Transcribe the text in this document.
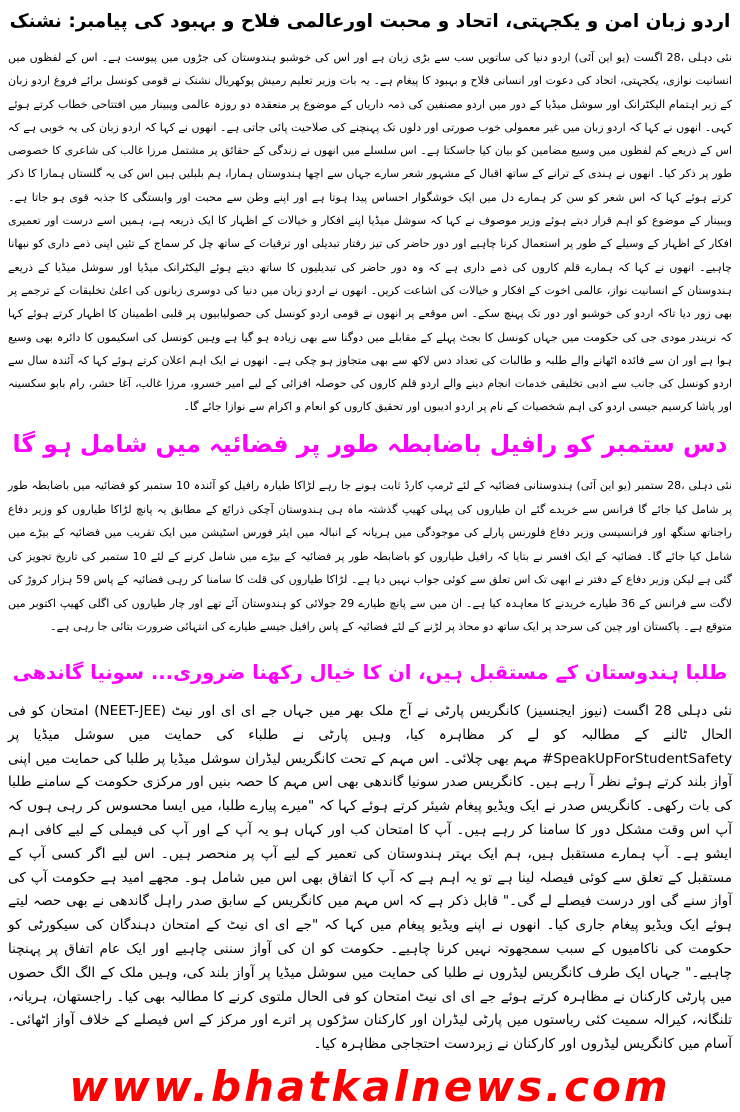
اردو زبان امن و یکجہتی، اتحاد و محبت اورعالمی فلاح و بہبود کی پیامبر: نشنک

نئی دہلی ،28 اگست (یو این آئی) اردو دنیا کی ساتویں سب سے بڑی زبان ہے اور اس کی خوشبو ہندوستان کی جڑوں میں پیوست ہے۔ اس کے لفظوں میں انسانیت نوازی، یکجہتی، اتحاد کی دعوت اور انسانی فلاح و بہبود کا پیغام ہے۔ یہ بات وزیر تعلیم رمیش پوکھریال نشنک نے قومی کونسل برائے فروغ اردو زبان کے زیر اہتمام الیکٹرانک اور سوشل میڈیا کے دور میں اردو مصنفین کی ذمہ داریاں کے موضوع پر منعقدہ دو روزہ عالمی ویبینار میں افتتاحی خطاب کرتے ہوئے کہی۔ انھوں نے کہا کہ اردو زبان میں غیر معمولی خوب صورتی اور دلوں تک پہنچنے کی صلاحیت پائی جاتی ہے۔ انھوں نے کہا کہ اردو زبان کی یہ خوبی ہے کہ اس کے ذریعے کم لفظوں میں وسیع مضامین کو بیان کیا جاسکتا ہے۔ اس سلسلے میں انھوں نے زندگی کے حقائق پر مشتمل مرزا غالب کی شاعری کا خصوصی طور پر ذکر کیا۔ انھوں نے ہندی کے ترانے کے ساتھ اقبال کے مشہور شعر سارے جہاں سے اچھا ہندوستاں ہمارا، ہم بلبلیں ہیں اس کی یہ گلستاں ہمارا کا ذکر کرتے ہوئے کہا کہ اس شعر کو سن کر ہمارے دل میں ایک خوشگوار احساس پیدا ہوتا ہے اور اپنے وطن سے محبت اور وابستگی کا جذبہ قوی ہو جاتا ہے۔ ویبینار کے موضوع کو اہم قرار دیتے ہوئے وزیر موصوف نے کہا کہ سوشل میڈیا اپنے افکار و خیالات کے اظہار کا ایک ذریعہ ہے، ہمیں اسے درست اور تعمیری افکار کے اظہار کے وسیلے کے طور پر استعمال کرنا چاہیے اور دور حاضر کی تیز رفتار تبدیلی اور ترقیات کے ساتھ چل کر سماج کے تئیں اپنی ذمے داری کو نبھانا چاہیے۔ انھوں نے کہا کہ ہمارے قلم کاروں کی ذمے داری ہے کہ وہ دور حاضر کی تبدیلیوں کا ساتھ دیتے ہوئے الیکٹرانک میڈیا اور سوشل میڈیا کے ذریعے ہندوستان کے انسانیت نواز، عالمی اخوت کے افکار و خیالات کی اشاعت کریں۔ انھوں نے اردو زبان میں دنیا کی دوسری زبانوں کی اعلیٰ تخلیقات کے ترجمے پر بھی زور دیا تاکہ اردو کی خوشبو اور دور تک پہنچ سکے۔ اس موقعے پر انھوں نے قومی اردو کونسل کی حصولیابیوں پر قلبی اطمینان کا اظہار کرتے ہوئے کہا کہ نریندر مودی جی کی حکومت میں جہاں کونسل کا بجٹ پہلے کے مقابلے میں دوگنا سے بھی زیادہ ہو گیا ہے وہیں کونسل کی اسکیموں کا دائرہ بھی وسیع ہوا ہے اور ان سے فائدہ اٹھانے والے طلبہ و طالبات کی تعداد دس لاکھ سے بھی متجاوز ہو چکی ہے۔ انھوں نے ایک اہم اعلان کرتے ہوئے کہا کہ آئندہ سال سے اردو کونسل کی جانب سے ادبی تخلیقی خدمات انجام دینے والے اردو قلم کاروں کی حوصلہ افزائی کے لیے امیر خسرو، مرزا غالب، آغا حشر، رام بابو سکسینہ اور پاشا کرسیم جیسی اردو کی اہم شخصیات کے نام پر اردو ادیبوں اور تحقیق کاروں کو انعام و اکرام سے نوازا جائے گا۔

دس ستمبر کو رافیل باضابطہ طور پر فضائیہ میں شامل ہو گا

نئی دہلی ،28 ستمبر (یو این آئی) ہندوستانی فضائیہ کے لئے ٹرمپ کارڈ ثابت ہونے جا رہے لڑاکا طیارہ رافیل کو آئندہ 10 ستمبر کو فضائیہ میں باضابطہ طور پر شامل کیا جائے گا فرانس سے خریدے گئے ان طیاروں کی پہلی کھیپ گذشتہ ماہ ہی ہندوستان آچکی ذرائع کے مطابق یہ پانچ لڑاکا طیاروں کو وزیر دفاع راجناتھ سنگھ اور فرانسیسی وزیر دفاع فلورنس پارلے کی موجودگی میں ہریانہ کے انبالہ میں ایئر فورس اسٹیشن میں ایک تقریب میں فضائیہ کے بیڑے میں شامل کیا جائے گا۔ فضائیہ کے ایک افسر نے بتایا کہ رافیل طیاروں کو باضابطہ طور پر فضائیہ کے بیڑے میں شامل کرنے کے لئے 10 ستمبر کی تاریخ تجویز کی گئی ہے لیکن وزیر دفاع کے دفتر نے ابھی تک اس تعلق سے کوئی جواب نہیں دیا ہے۔ لڑاکا طیاروں کی قلت کا سامنا کر رہی فضائیہ کے پاس 59 ہزار کروڑ کی لاگت سے فرانس کے 36 طیارے خریدنے کا معاہدہ کیا ہے۔ ان میں سے پانچ طیارے 29 جولائی کو ہندوستان آئے تھے اور چار طیاروں کی اگلی کھیپ اکتوبر میں متوقع ہے۔ پاکستان اور چین کی سرحد پر ایک ساتھ دو محاذ پر لڑنے کے لئے فضائیہ کے پاس رافیل جیسے طیارے کی انتہائی ضرورت بتائی جا رہی ہے۔

طلبا ہندوستان کے مستقبل ہیں، ان کا خیال رکھنا ضروری... سونیا گاندھی

نئی دہلی 28 اگست (نیوز ایجنسیز) کانگریس پارٹی نے آج ملک بھر میں جہاں جے ای ای اور نیٹ (NEET-JEE) امتحان کو فی الحال ٹالنے کے مطالبہ کو لے کر مظاہرہ کیا، وہیں پارٹی نے طلباء کی حمایت میں سوشل میڈیا پر SpeakUpForStudentSafety# مہم بھی چلائی۔ اس مہم کے تحت کانگریس لیڈران سوشل میڈیا پر طلبا کی حمایت میں اپنی آواز بلند کرتے ہوئے نظر آ رہے ہیں۔ کانگریس صدر سونیا گاندھی بھی اس مہم کا حصہ بنیں اور مرکزی حکومت کے سامنے طلبا کی بات رکھی۔ کانگریس صدر نے ایک ویڈیو پیغام شیئر کرتے ہوئے کہا کہ "میرے پیارے طلبا، میں ایسا محسوس کر رہی ہوں کہ آپ اس وقت مشکل دور کا سامنا کر رہے ہیں۔ آپ کا امتحان کب اور کہاں ہو یہ آپ کے اور آپ کی فیملی کے لیے کافی اہم ایشو ہے۔ آپ ہمارے مستقبل ہیں، ہم ایک بہتر ہندوستان کی تعمیر کے لیے آپ پر منحصر ہیں۔ اس لیے اگر کسی آپ کے مستقبل کے تعلق سے کوئی فیصلہ لینا ہے تو یہ اہم ہے کہ آپ کا اتفاق بھی اس میں شامل ہو۔ مجھے امید ہے حکومت آپ کی آواز سنے گی اور درست فیصلے لے گی۔" قابل ذکر ہے کہ اس مہم میں کانگریس کے سابق صدر راہل گاندھی نے بھی حصہ لیتے ہوئے ایک ویڈیو پیغام جاری کیا۔ انھوں نے اپنے ویڈیو پیغام میں کہا کہ "جے ای ای نیٹ کے امتحان دہندگان کی سیکورٹی کو حکومت کی ناکامیوں کے سبب سمجھوتہ نہیں کرنا چاہیے۔ حکومت کو ان کی آواز سننی چاہیے اور ایک عام اتفاق پر پہنچنا چاہیے۔" جہاں ایک طرف کانگریس لیڈروں نے طلبا کی حمایت میں سوشل میڈیا پر آواز بلند کی، وہیں ملک کے الگ الگ حصوں میں پارٹی کارکنان نے مظاہرہ کرتے ہوئے جے ای ای نیٹ امتحان کو فی الحال ملتوی کرنے کا مطالبہ بھی کیا۔ راجستھان، ہریانہ، تلنگانہ، کیرالہ سمیت کئی ریاستوں میں پارٹی لیڈران اور کارکنان سڑکوں پر اترے اور مرکز کے اس فیصلے کے خلاف آواز اٹھائی۔ آسام میں کانگریس لیڈروں اور کارکنان نے زبردست احتجاجی مظاہرہ کیا۔

www.bhatkalnews.com
